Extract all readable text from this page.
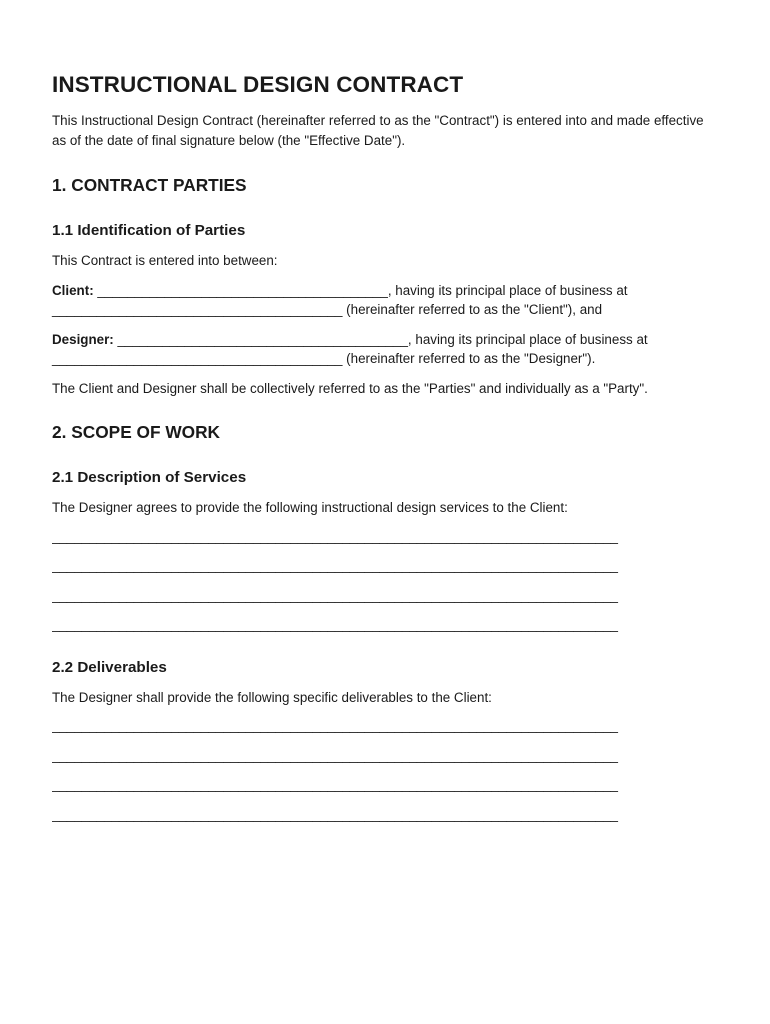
INSTRUCTIONAL DESIGN CONTRACT

This Instructional Design Contract (hereinafter referred to as the "Contract") is entered into and made effective as of the date of final signature below (the "Effective Date").

1. CONTRACT PARTIES
1.1 Identification of Parties

This Contract is entered into between:

Client: _______________________________________, having its principal place of business at _______________________________________ (hereinafter referred to as the "Client"), and

Designer: _______________________________________, having its principal place of business at _______________________________________ (hereinafter referred to as the "Designer").

The Client and Designer shall be collectively referred to as the "Parties" and individually as a "Party".

2. SCOPE OF WORK
2.1 Description of Services

The Designer agrees to provide the following instructional design services to the Client:

____________________________________________________________________________

____________________________________________________________________________

____________________________________________________________________________

____________________________________________________________________________

2.2 Deliverables

The Designer shall provide the following specific deliverables to the Client:

____________________________________________________________________________

____________________________________________________________________________

____________________________________________________________________________

____________________________________________________________________________
